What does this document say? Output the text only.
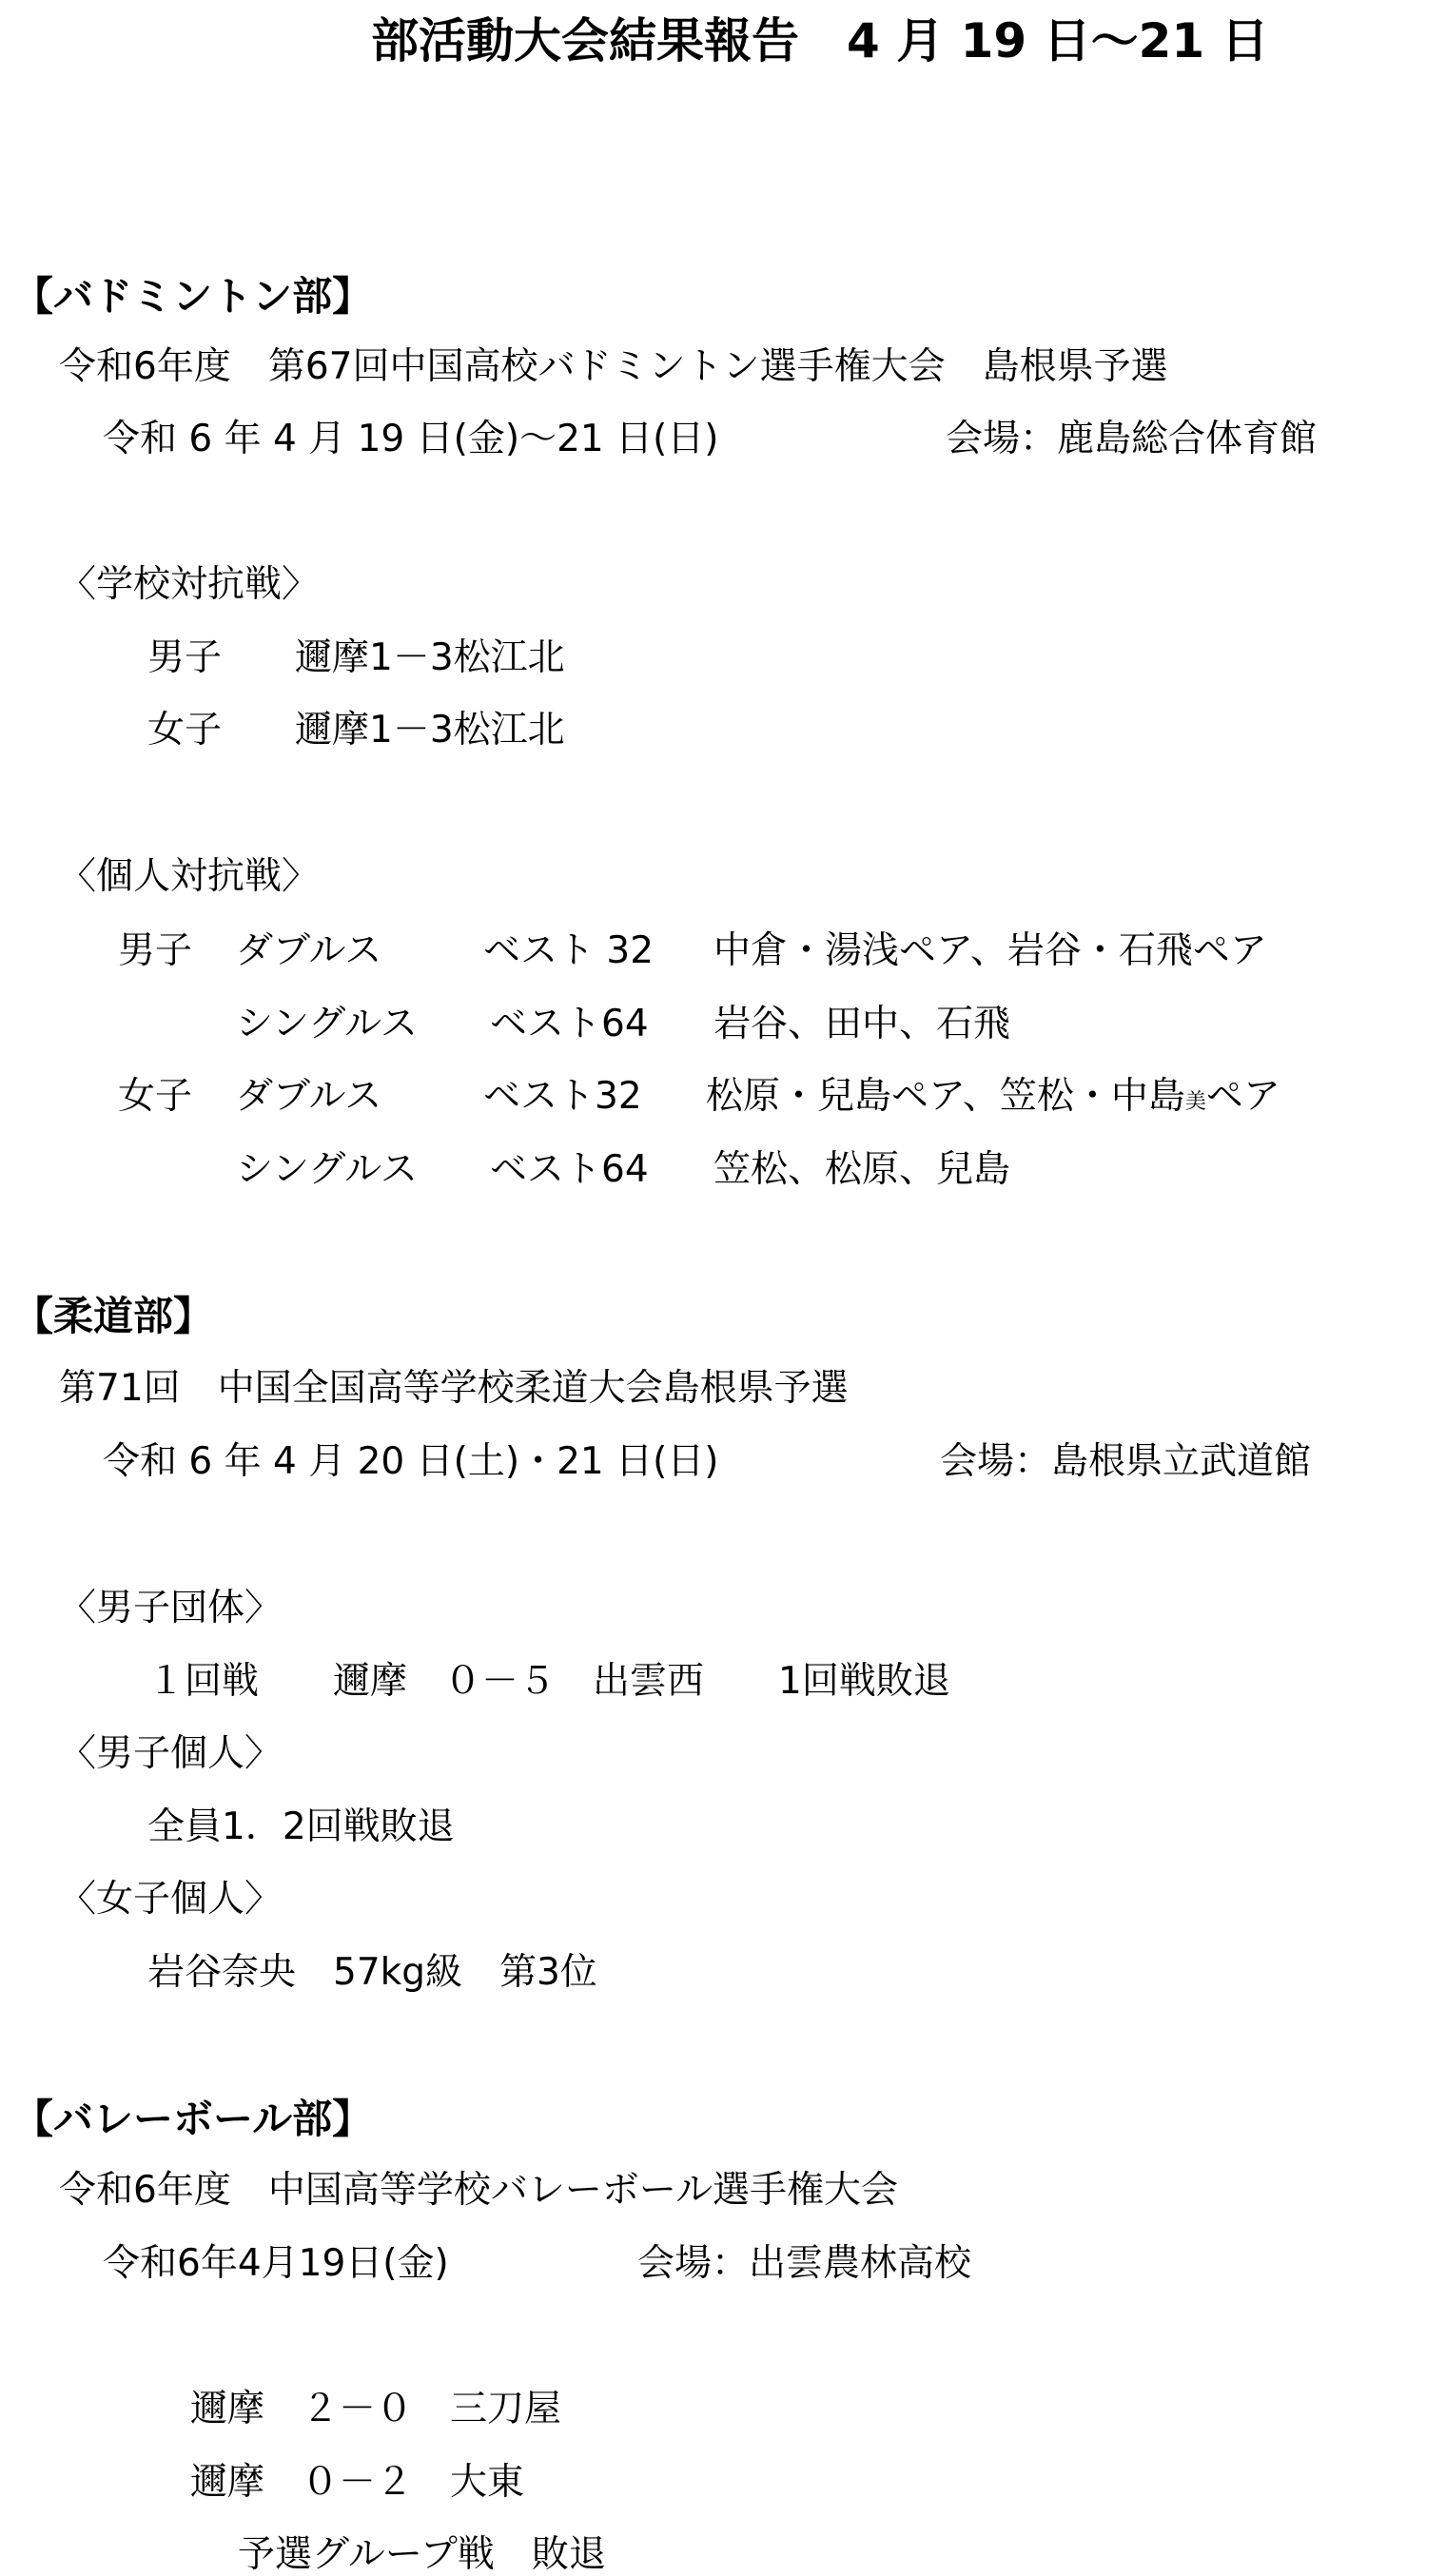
部活動大会結果報告　4 月 19 日～21 日
【バドミントン部】
令和6年度　第67回中国高校バドミントン選手権大会　島根県予選
令和 6 年 4 月 19 日(金)～21 日(日)	会場：鹿島総合体育館
〈学校対抗戦〉
男子 邇摩1－3松江北
女子 邇摩1－3松江北
〈個人対抗戦〉
男子 ダブルス	ベスト 32 中倉・湯浅ペア、岩谷・石飛ペア
シングルス ベスト64 岩谷、田中、石飛
女子 ダブルス	ベスト32 松原・兒島ペア、笠松・中島美ペア
シングルス ベスト64 笠松、松原、兒島
【柔道部】
第71回　中国全国高等学校柔道大会島根県予選
令和 6 年 4 月 20 日(土)・21 日(日)	会場：島根県立武道館
〈男子団体〉
１回戦　　邇摩　０－５　出雲西　　1回戦敗退
〈男子個人〉
全員1．2回戦敗退
〈女子個人〉
岩谷奈央　57kg級　第3位
【バレーボール部】
令和6年度　中国高等学校バレーボール選手権大会
令和6年4月19日(金)	会場：出雲農林高校
邇摩　２－０　三刀屋
邇摩　０－２　大東
予選グループ戦　敗退
